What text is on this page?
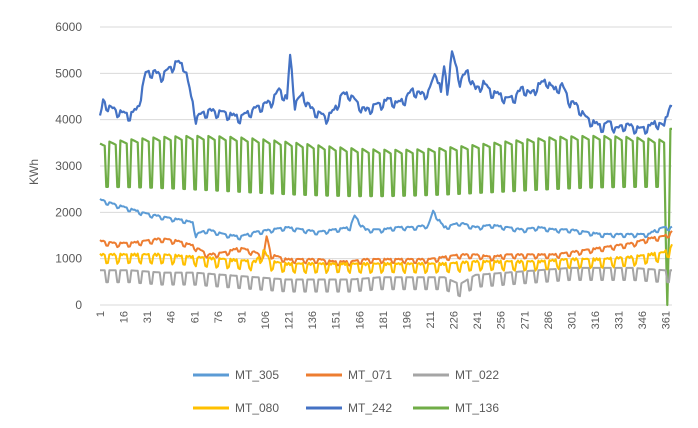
0
1000
2000
3000
4000
5000
6000
1 16 31 46 61 76 91 106 121 136 151 166 181 196 211 226 241 256 271 286 301 316 331 346 361
KWh
MT_305	MT_071	MT_022
MT_080	MT_242	MT_136
